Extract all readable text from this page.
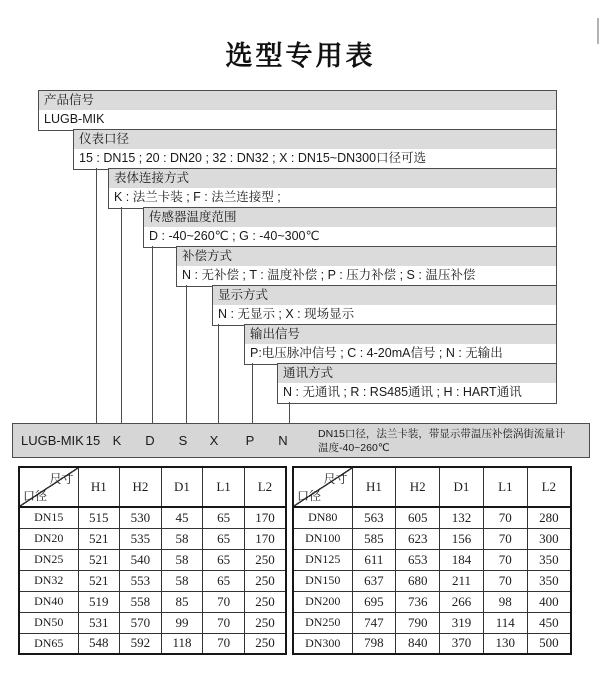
选型专用表
产品信号
LUGB-MIK
仪表口径
15 : DN15 ; 20 : DN20 ; 32 : DN32 ; X : DN15~DN300口径可选
表体连接方式
K : 法兰卡装 ; F : 法兰连接型 ;
传感器温度范围
D : -40~260℃ ; G : -40~300℃
补偿方式
N : 无补偿 ; T : 温度补偿 ; P : 压力补偿 ; S : 温压补偿
显示方式
N : 无显示 ; X : 现场显示
输出信号
P:电压脉冲信号 ; C : 4-20mA信号 ; N : 无输出
通讯方式
N : 无通讯 ; R : RS485通讯 ; H : HART通讯
LUGB-MIK 15 K D S X P N	DN15口径，法兰卡装，带显示带温压补偿涡街流量计
温度-40~260℃
尺寸
口径	H1	H2	D1	L1	L2
DN15	515	530	45	65	170
DN20	521	535	58	65	170
DN25	521	540	58	65	250
DN32	521	553	58	65	250
DN40	519	558	85	70	250
DN50	531	570	99	70	250
DN65	548	592	118	70	250
尺寸
口径	H1	H2	D1	L1	L2
DN80	563	605	132	70	280
DN100	585	623	156	70	300
DN125	611	653	184	70	350
DN150	637	680	211	70	350
DN200	695	736	266	98	400
DN250	747	790	319	114	450
DN300	798	840	370	130	500
